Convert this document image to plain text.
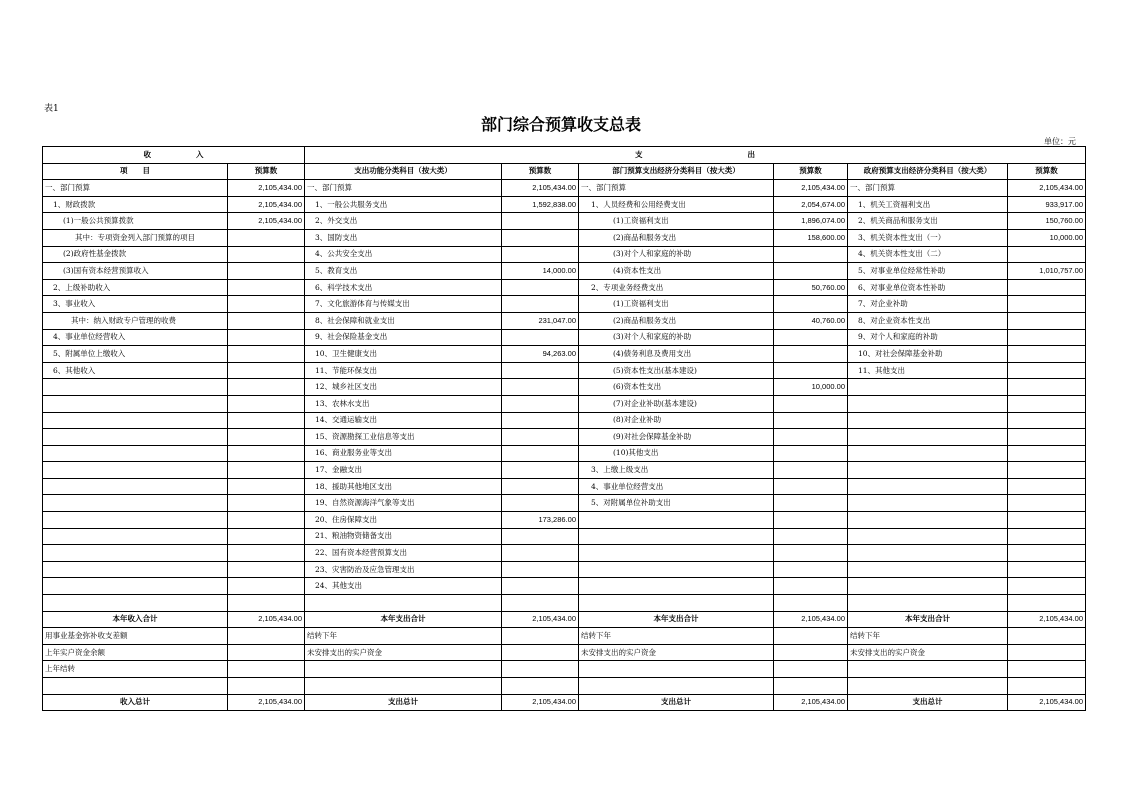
表1
部门综合预算收支总表
单位：元
收　　　　　　入		支　　　　　　　　　　　　　　出					
项　　目	预算数	支出功能分类科目（按大类）	预算数	部门预算支出经济分类科目（按大类）	预算数	政府预算支出经济分类科目（按大类）	预算数
一、部门预算	2,105,434.00	一、部门预算	2,105,434.00	一、部门预算	2,105,434.00	一、部门预算	2,105,434.00
1、财政拨款	2,105,434.00	1、一般公共服务支出	1,592,838.00	1、人员经费和公用经费支出	2,054,674.00	1、机关工资福利支出	933,917.00
(1)一般公共预算拨款	2,105,434.00	2、外交支出		(1)工资福利支出	1,896,074.00	2、机关商品和服务支出	150,760.00
其中：专项资金列入部门预算的项目		3、国防支出		(2)商品和服务支出	158,600.00	3、机关资本性支出（一）	10,000.00
(2)政府性基金拨款		4、公共安全支出		(3)对个人和家庭的补助		4、机关资本性支出（二）	
(3)国有资本经营预算收入		5、教育支出	14,000.00	(4)资本性支出		5、对事业单位经常性补助	1,010,757.00
2、上级补助收入		6、科学技术支出		2、专项业务经费支出	50,760.00	6、对事业单位资本性补助	
3、事业收入		7、文化旅游体育与传媒支出		(1)工资福利支出		7、对企业补助	
其中：纳入财政专户管理的收费		8、社会保障和就业支出	231,047.00	(2)商品和服务支出	40,760.00	8、对企业资本性支出	
4、事业单位经营收入		9、社会保险基金支出		(3)对个人和家庭的补助		9、对个人和家庭的补助	
5、附属单位上缴收入		10、卫生健康支出	94,263.00	(4)债务利息及费用支出		10、对社会保障基金补助	
6、其他收入		11、节能环保支出		(5)资本性支出(基本建设)		11、其他支出	
		12、城乡社区支出		(6)资本性支出	10,000.00		
		13、农林水支出		(7)对企业补助(基本建设)			
		14、交通运输支出		(8)对企业补助			
		15、资源勘探工业信息等支出		(9)对社会保障基金补助			
		16、商业服务业等支出		(10)其他支出			
		17、金融支出		3、上缴上级支出			
		18、援助其他地区支出		4、事业单位经营支出			
		19、自然资源海洋气象等支出		5、对附属单位补助支出			
		20、住房保障支出	173,286.00				
		21、粮油物资储备支出					
		22、国有资本经营预算支出					
		23、灾害防治及应急管理支出					
		24、其他支出					

本年收入合计	2,105,434.00	本年支出合计	2,105,434.00	本年支出合计	2,105,434.00	本年支出合计	2,105,434.00
用事业基金弥补收支差额		结转下年		结转下年		结转下年	
上年实户资金余额		未安排支出的实户资金		未安排支出的实户资金		未安排支出的实户资金	
上年结转							

收入总计	2,105,434.00	支出总计	2,105,434.00	支出总计	2,105,434.00	支出总计	2,105,434.00
